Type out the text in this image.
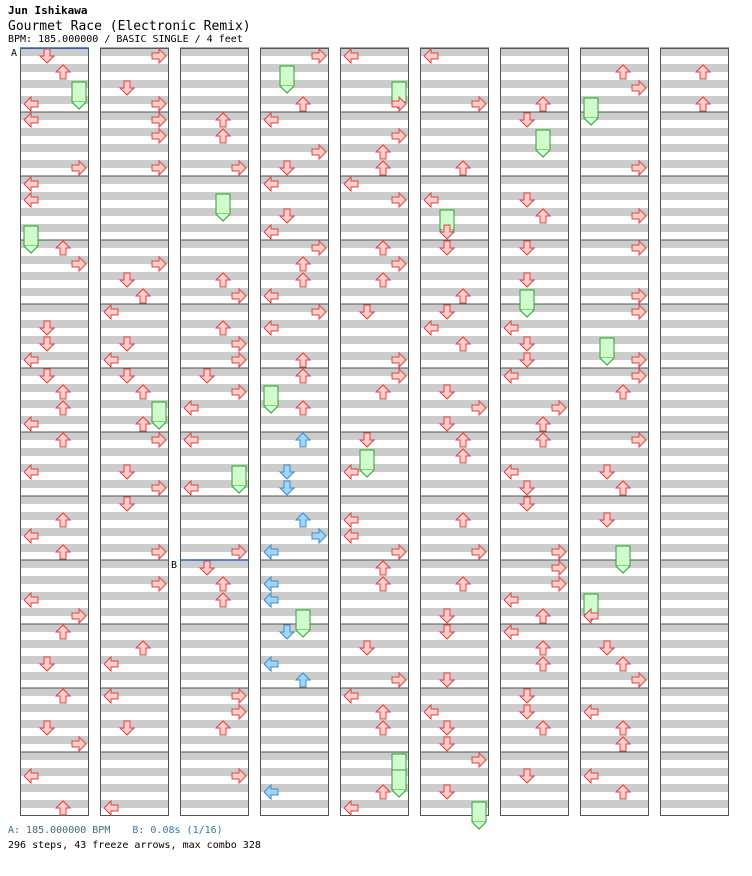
Jun Ishikawa
Gourmet Race (Electronic Remix)
BPM: 185.000000 / BASIC SINGLE / 4 feet
A
B
A: 185.000000 BPM B: 0.08s (1/16)
296 steps, 43 freeze arrows, max combo 328
